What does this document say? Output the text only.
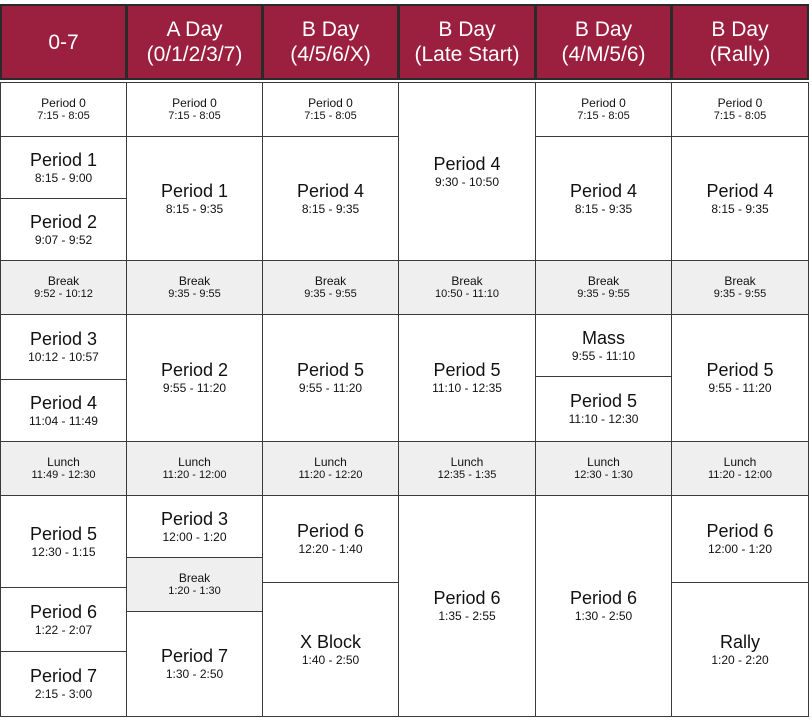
0-7
Period 0
7:15 - 8:05
Period 1
8:15 - 9:00
Period 2
9:07 - 9:52
Break
9:52 - 10:12
Period 3
10:12 - 10:57
Period 4
11:04 - 11:49
Lunch
11:49 - 12:30
Period 5
12:30 - 1:15
Period 6
1:22 - 2:07
Period 7
2:15 - 3:00
A Day
(0/1/2/3/7)
Period 0
7:15 - 8:05
Period 1
8:15 - 9:35
Break
9:35 - 9:55
Period 2
9:55 - 11:20
Lunch
11:20 - 12:00
Period 3
12:00 - 1:20
Break
1:20 - 1:30
Period 7
1:30 - 2:50
B Day
(4/5/6/X)
Period 0
7:15 - 8:05
Period 4
8:15 - 9:35
Break
9:35 - 9:55
Period 5
9:55 - 11:20
Lunch
11:20 - 12:20
Period 6
12:20 - 1:40
X Block
1:40 - 2:50
B Day
(Late Start)
Period 4
9:30 - 10:50
Break
10:50 - 11:10
Period 5
11:10 - 12:35
Lunch
12:35 - 1:35
Period 6
1:35 - 2:55
B Day
(4/M/5/6)
Period 0
7:15 - 8:05
Period 4
8:15 - 9:35
Break
9:35 - 9:55
Mass
9:55 - 11:10
Period 5
11:10 - 12:30
Lunch
12:30 - 1:30
Period 6
1:30 - 2:50
B Day
(Rally)
Period 0
7:15 - 8:05
Period 4
8:15 - 9:35
Break
9:35 - 9:55
Period 5
9:55 - 11:20
Lunch
11:20 - 12:00
Period 6
12:00 - 1:20
Rally
1:20 - 2:20
